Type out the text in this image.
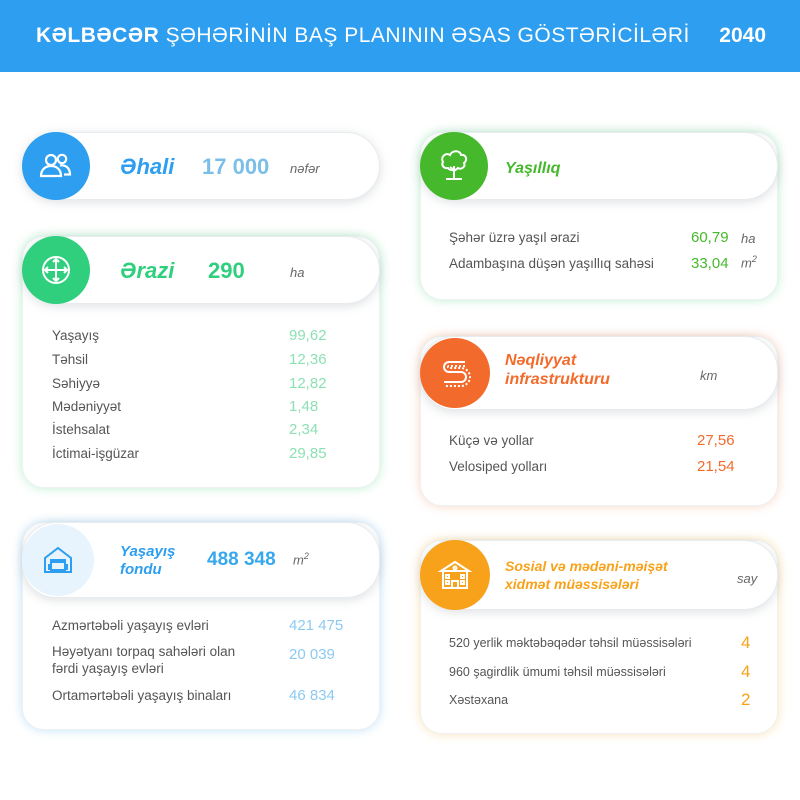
KƏLBƏCƏR ŞƏHƏRİNİN BAŞ PLANININ ƏSAS GÖSTƏRİCİLƏRİ 2040
Əhali 17 000 nəfər
Ərazi 290	ha
Yaşayış	99,62
Təhsil	12,36
Səhiyyə	12,82
Mədəniyyət	1,48
İstehsalat	2,34
İctimai-işgüzar	29,85
Yaşayış
fondu 488 348 $m^2$
Azmərtəbəli yaşayış evləri	421 475
Həyətyanı torpaq sahələri olan
fərdi yaşayış evləri
20 039
Ortamərtəbəli yaşayış binaları	46 834
Yaşıllıq
Şəhər üzrə yaşıl ərazi	60,79 ha
Adambaşına düşən yaşıllıq sahəsi 33,04 $m^2$
Nəqliyyat
infrastrukturu	km
Küçə və yollar	27,56
Velosiped yolları	21,54
Sosial və mədəni-məişət
xidmət müəssisələri	say
520 yerlik məktəbəqədər təhsil müəssisələri	4
960 şagirdlik ümumi təhsil müəssisələri	4
Xəstəxana	2
